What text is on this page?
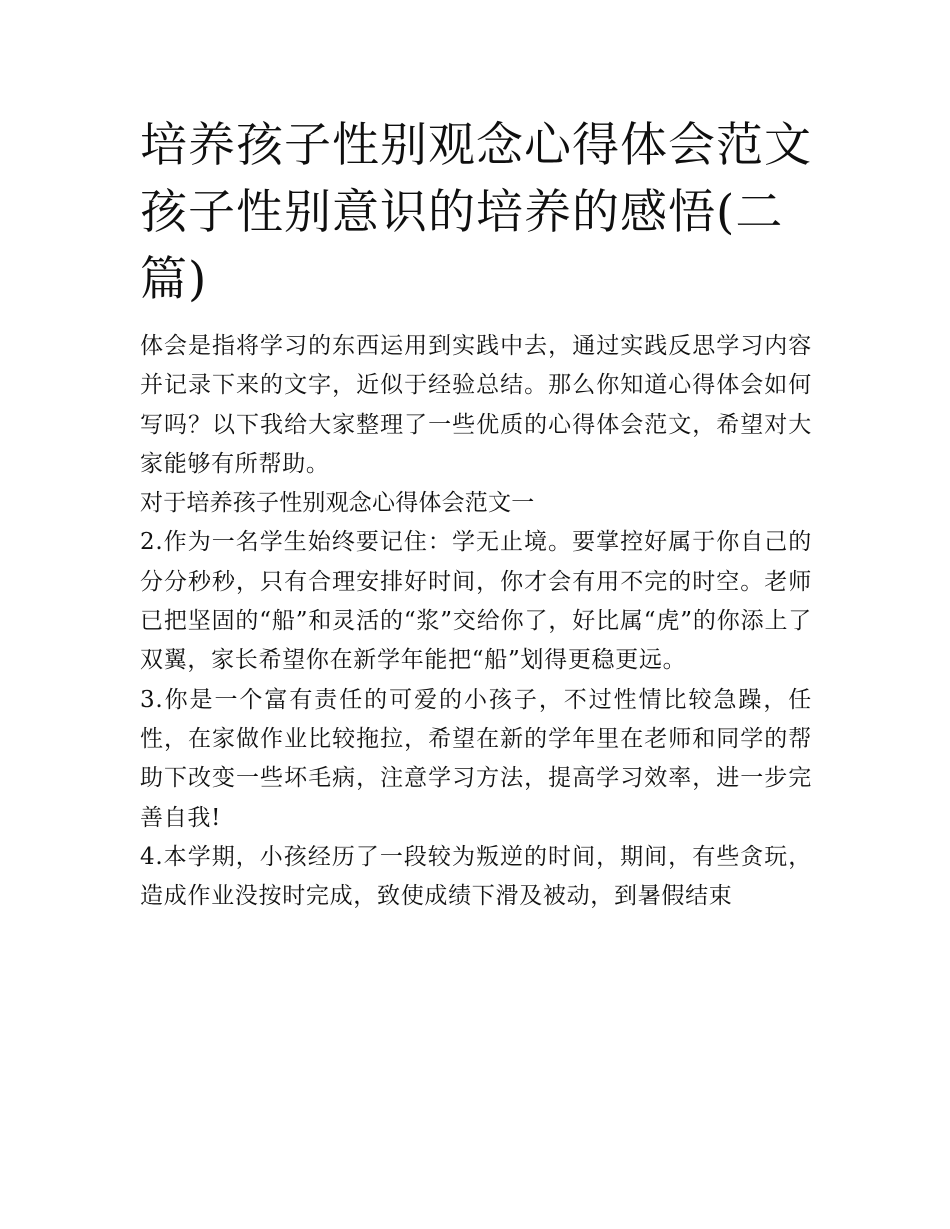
培养孩子性别观念心得体会范文 孩子性别意识的培养的感悟(二篇)

体会是指将学习的东西运用到实践中去，通过实践反思学习内容并记录下来的文字，近似于经验总结。那么你知道心得体会如何写吗？以下我给大家整理了一些优质的心得体会范文，希望对大家能够有所帮助。

对于培养孩子性别观念心得体会范文一

2.作为一名学生始终要记住：学无止境。要掌控好属于你自己的分分秒秒，只有合理安排好时间，你才会有用不完的时空。老师已把坚固的“船”和灵活的“浆”交给你了，好比属“虎”的你添上了双翼，家长希望你在新学年能把“船”划得更稳更远。

3.你是一个富有责任的可爱的小孩子，不过性情比较急躁，任性，在家做作业比较拖拉，希望在新的学年里在老师和同学的帮助下改变一些坏毛病，注意学习方法，提高学习效率，进一步完善自我!

4.本学期，小孩经历了一段较为叛逆的时间，期间，有些贪玩，造成作业没按时完成，致使成绩下滑及被动，到暑假结束
